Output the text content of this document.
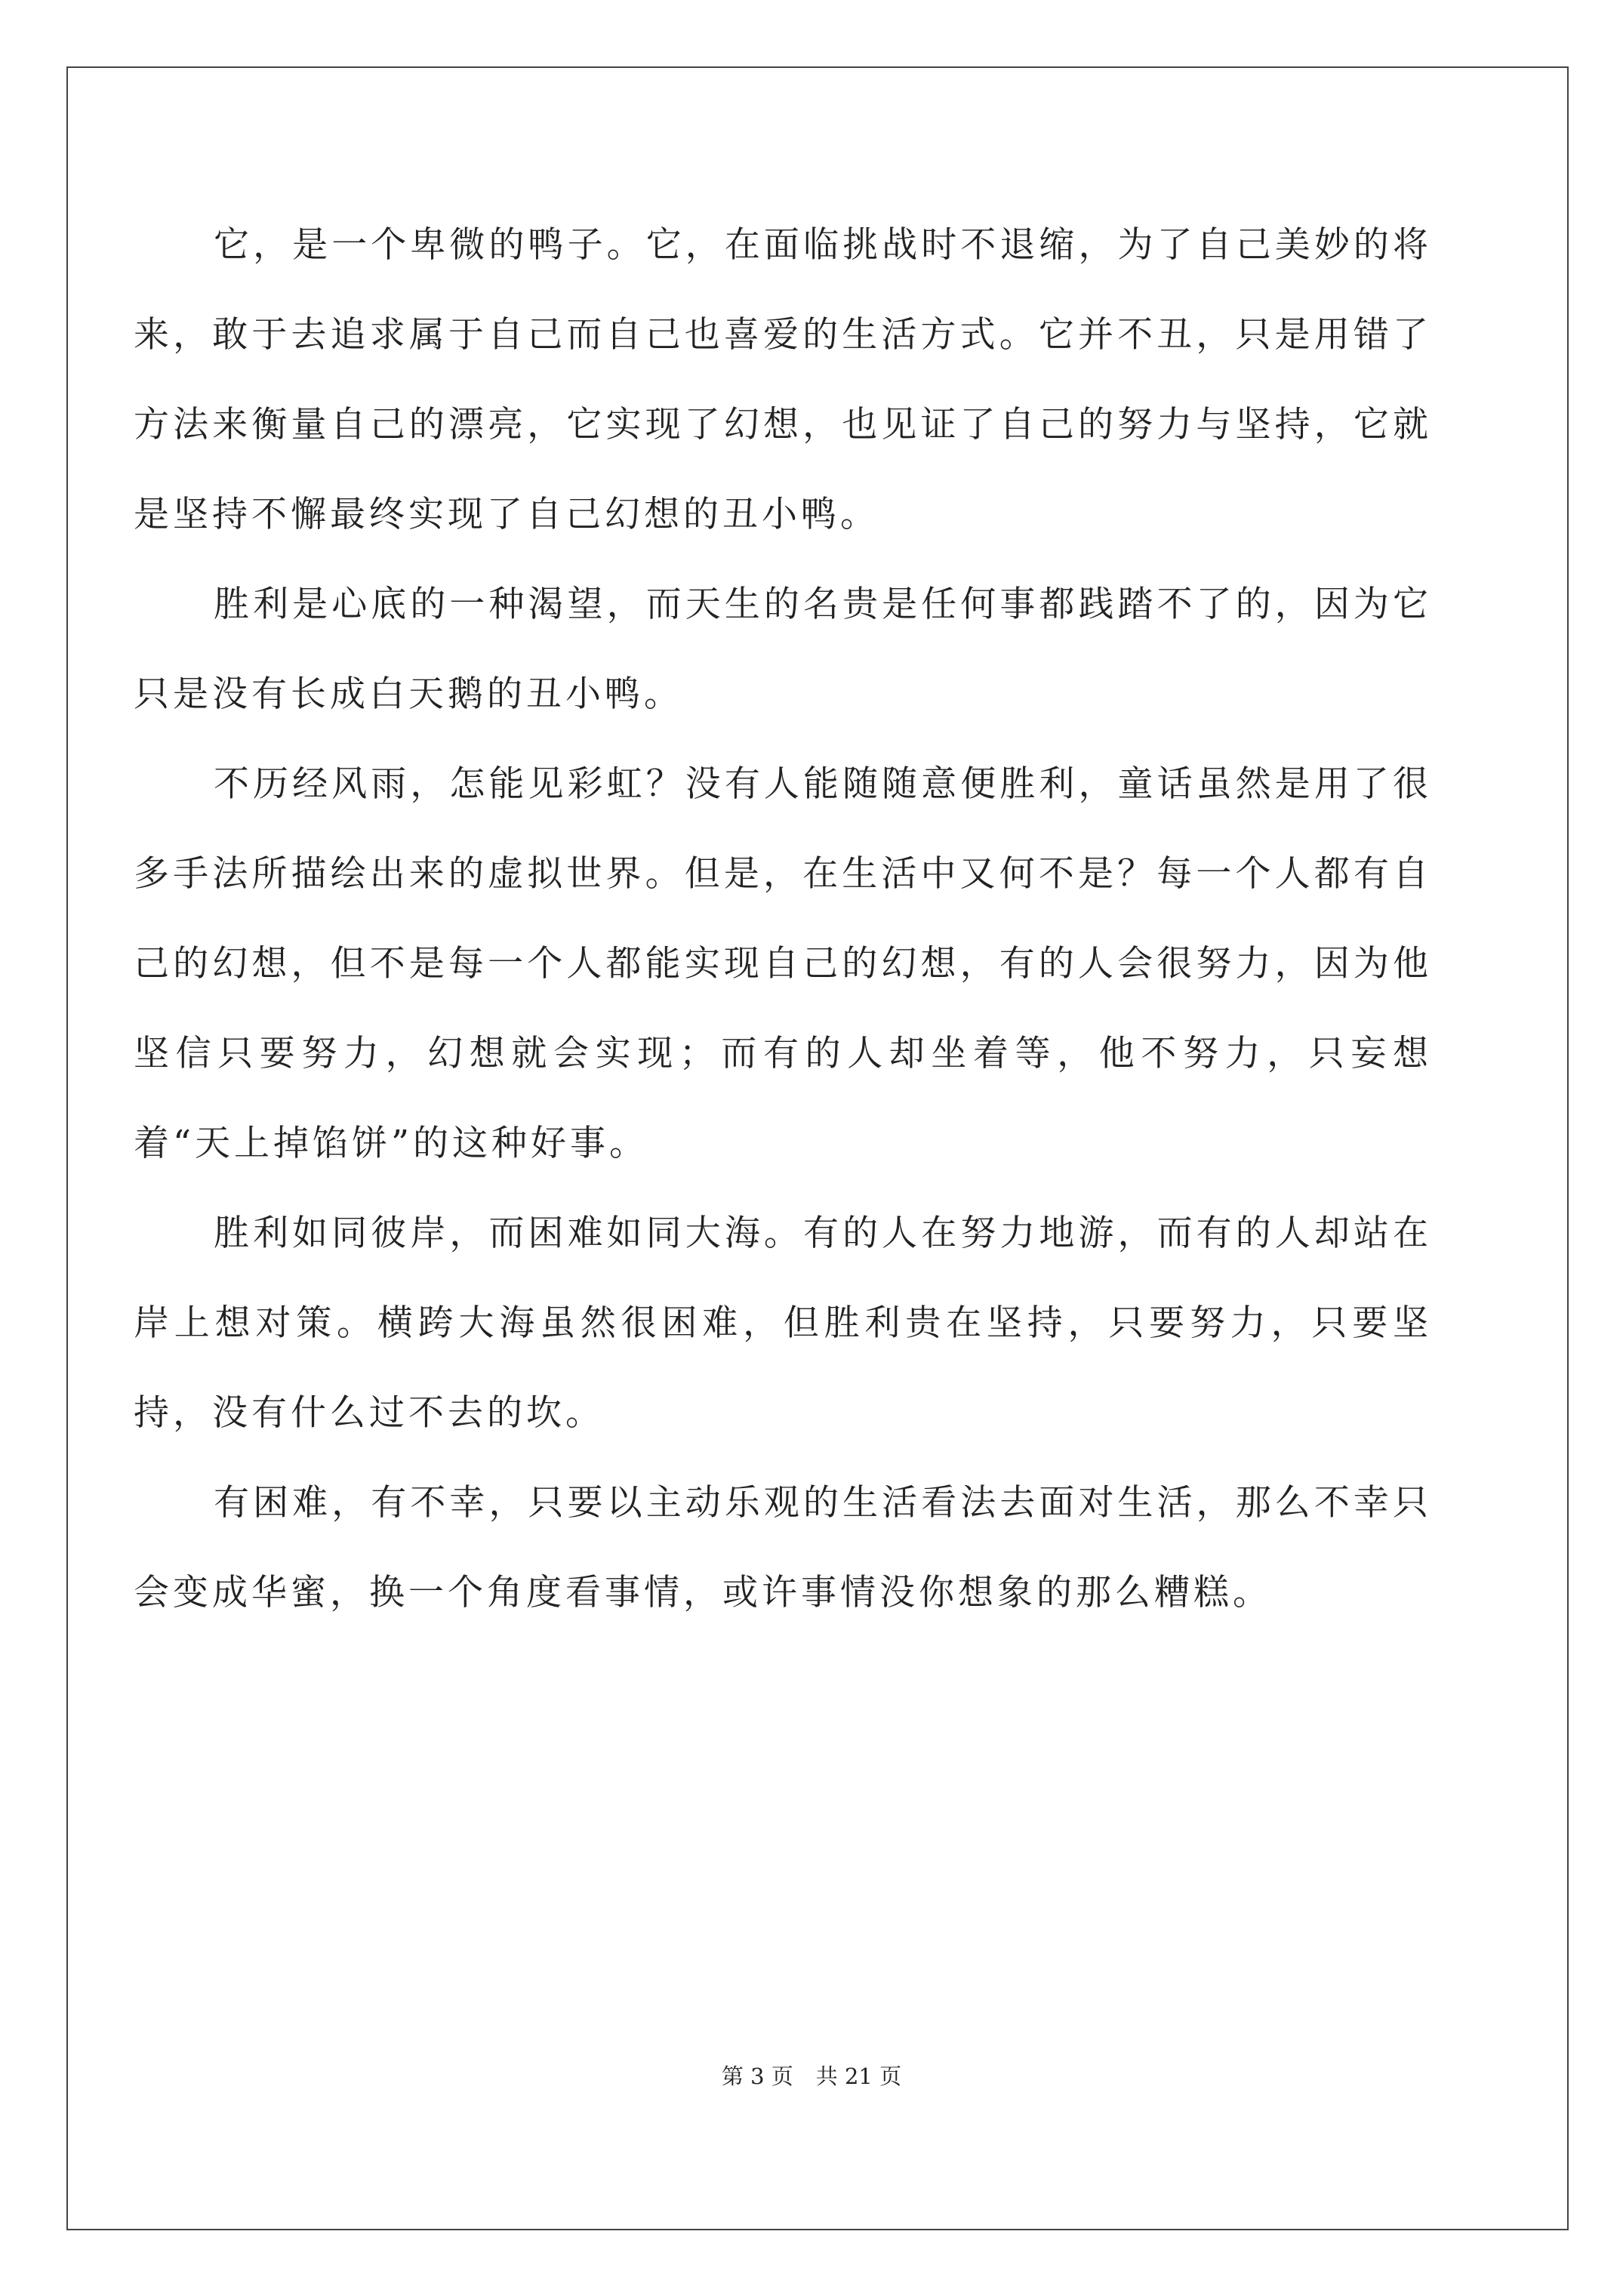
它，是一个卑微的鸭子。它，在面临挑战时不退缩，为了自己美妙的将来，敢于去追求属于自己而自己也喜爱的生活方式。它并不丑，只是用错了方法来衡量自己的漂亮，它实现了幻想，也见证了自己的努力与坚持，它就是坚持不懈最终实现了自己幻想的丑小鸭。

胜利是心底的一种渴望，而天生的名贵是任何事都践踏不了的，因为它只是没有长成白天鹅的丑小鸭。

不历经风雨，怎能见彩虹？没有人能随随意便胜利，童话虽然是用了很多手法所描绘出来的虚拟世界。但是，在生活中又何不是？每一个人都有自己的幻想，但不是每一个人都能实现自己的幻想，有的人会很努力，因为他坚信只要努力，幻想就会实现；而有的人却坐着等，他不努力，只妄想着“天上掉馅饼”的这种好事。

胜利如同彼岸，而困难如同大海。有的人在努力地游，而有的人却站在岸上想对策。横跨大海虽然很困难，但胜利贵在坚持，只要努力，只要坚持，没有什么过不去的坎。

有困难，有不幸，只要以主动乐观的生活看法去面对生活，那么不幸只会变成华蜜，换一个角度看事情，或许事情没你想象的那么糟糕。

第 3 页 共 21 页
